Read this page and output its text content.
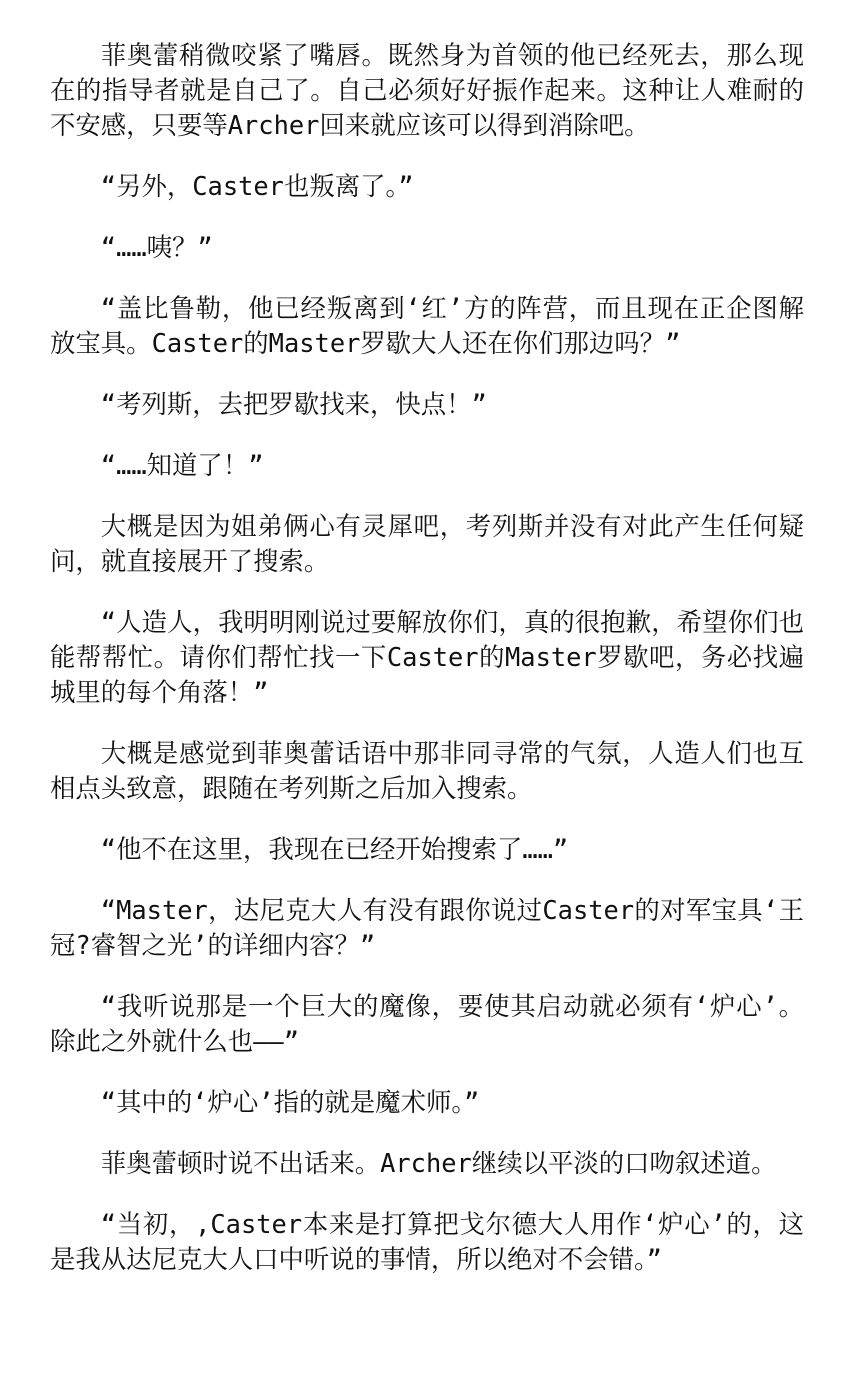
菲奥蕾稍微咬紧了嘴唇。既然身为首领的他已经死去，那么现在的指导者就是自己了。自己必须好好振作起来。这种让人难耐的不安感，只要等Archer回来就应该可以得到消除吧。

“另外，Caster也叛离了。”

“……咦？”

“盖比鲁勒，他已经叛离到‘红’方的阵营，而且现在正企图解放宝具。Caster的Master罗歇大人还在你们那边吗？”

“考列斯，去把罗歇找来，快点！”

“……知道了！”

大概是因为姐弟俩心有灵犀吧，考列斯并没有对此产生任何疑问，就直接展开了搜索。

“人造人，我明明刚说过要解放你们，真的很抱歉，希望你们也能帮帮忙。请你们帮忙找一下Caster的Master罗歇吧，务必找遍城里的每个角落！”

大概是感觉到菲奥蕾话语中那非同寻常的气氛，人造人们也互相点头致意，跟随在考列斯之后加入搜索。

“他不在这里，我现在已经开始搜索了……”

“Master，达尼克大人有没有跟你说过Caster的对军宝具‘王冠?睿智之光’的详细内容？”

“我听说那是一个巨大的魔像，要使其启动就必须有‘炉心’。除此之外就什么也——”

“其中的‘炉心’指的就是魔术师。”

菲奥蕾顿时说不出话来。Archer继续以平淡的口吻叙述道。

“当初，,Caster本来是打算把戈尔德大人用作‘炉心’的，这是我从达尼克大人口中听说的事情，所以绝对不会错。”
